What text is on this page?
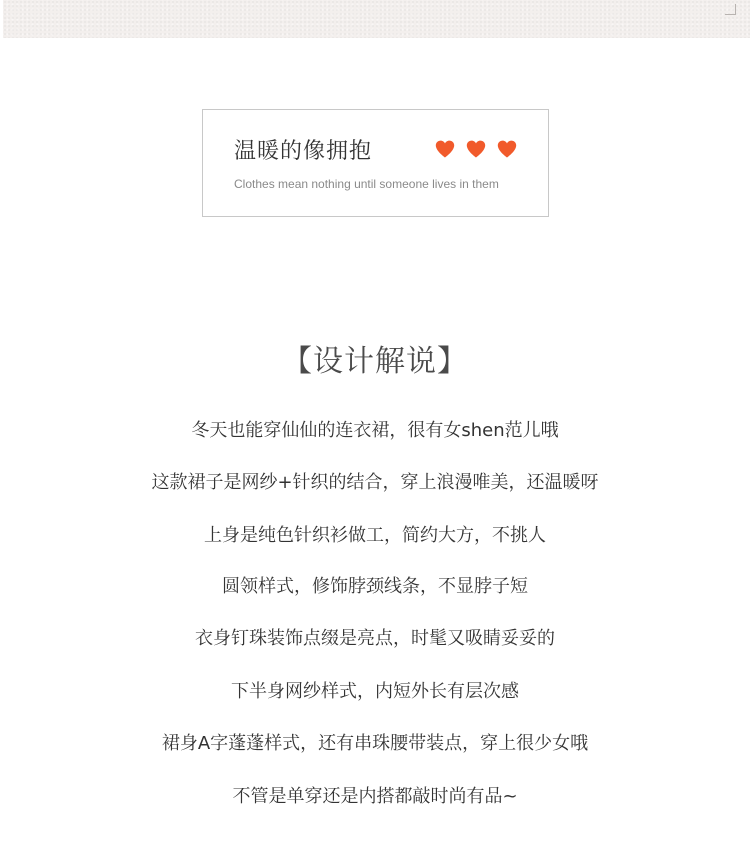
温暖的像拥抱
Clothes mean nothing until someone lives in them
【设计解说】
冬天也能穿仙仙的连衣裙，很有女shen范儿哦
这款裙子是网纱+针织的结合，穿上浪漫唯美，还温暖呀
上身是纯色针织衫做工，简约大方，不挑人
圆领样式，修饰脖颈线条，不显脖子短
衣身钉珠装饰点缀是亮点，时髦又吸睛妥妥的
下半身网纱样式，内短外长有层次感
裙身A字蓬蓬样式，还有串珠腰带装点，穿上很少女哦
不管是单穿还是内搭都敲时尚有品~
